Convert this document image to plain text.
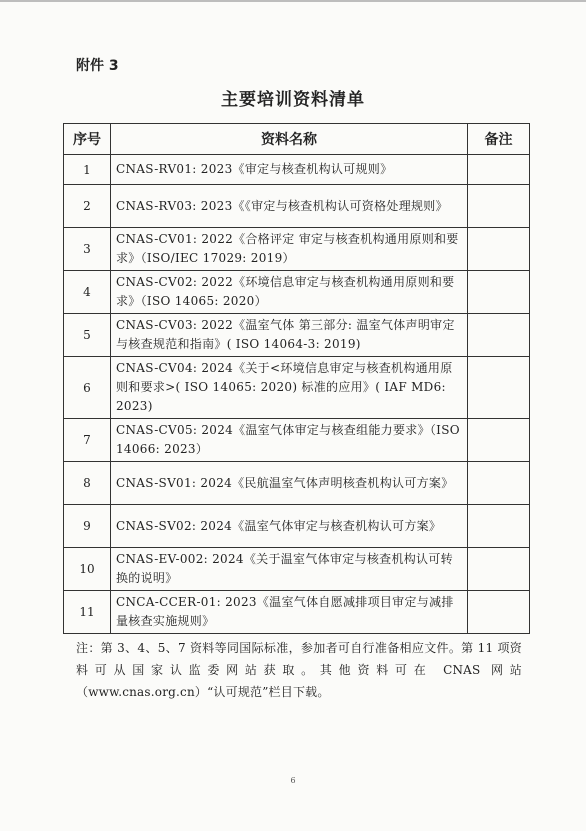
附件 3
主要培训资料清单
序号	资料名称	备注
1	CNAS-RV01: 2023《审定与核查机构认可规则》	
2	CNAS-RV03: 2023《《审定与核查机构认可资格处理规则》	
3	CNAS-CV01: 2022《合格评定 审定与核查机构通用原则和要求》（ISO/IEC 17029: 2019）	
4	CNAS-CV02: 2022《环境信息审定与核查机构通用原则和要求》（ISO 14065: 2020）	
5	CNAS-CV03: 2022《温室气体 第三部分: 温室气体声明审定与核查规范和指南》( ISO 14064-3: 2019)	
6	CNAS-CV04: 2024《关于<环境信息审定与核查机构通用原则和要求>( ISO 14065: 2020) 标准的应用》( IAF MD6: 2023)	
7	CNAS-CV05: 2024《温室气体审定与核查组能力要求》（ISO 14066: 2023）	
8	CNAS-SV01: 2024《民航温室气体声明核查机构认可方案》	
9	CNAS-SV02: 2024《温室气体审定与核查机构认可方案》	
10	CNAS-EV-002: 2024《关于温室气体审定与核查机构认可转换的说明》	
11	CNCA-CCER-01: 2023《温室气体自愿减排项目审定与减排量核查实施规则》	
注：第 3、4、5、7 资料等同国际标准，参加者可自行准备相应文件。第 11 项资料可从国家认监委网站获取。其他资料可在 CNAS 网站（www.cnas.org.cn）“认可规范”栏目下载。
6
